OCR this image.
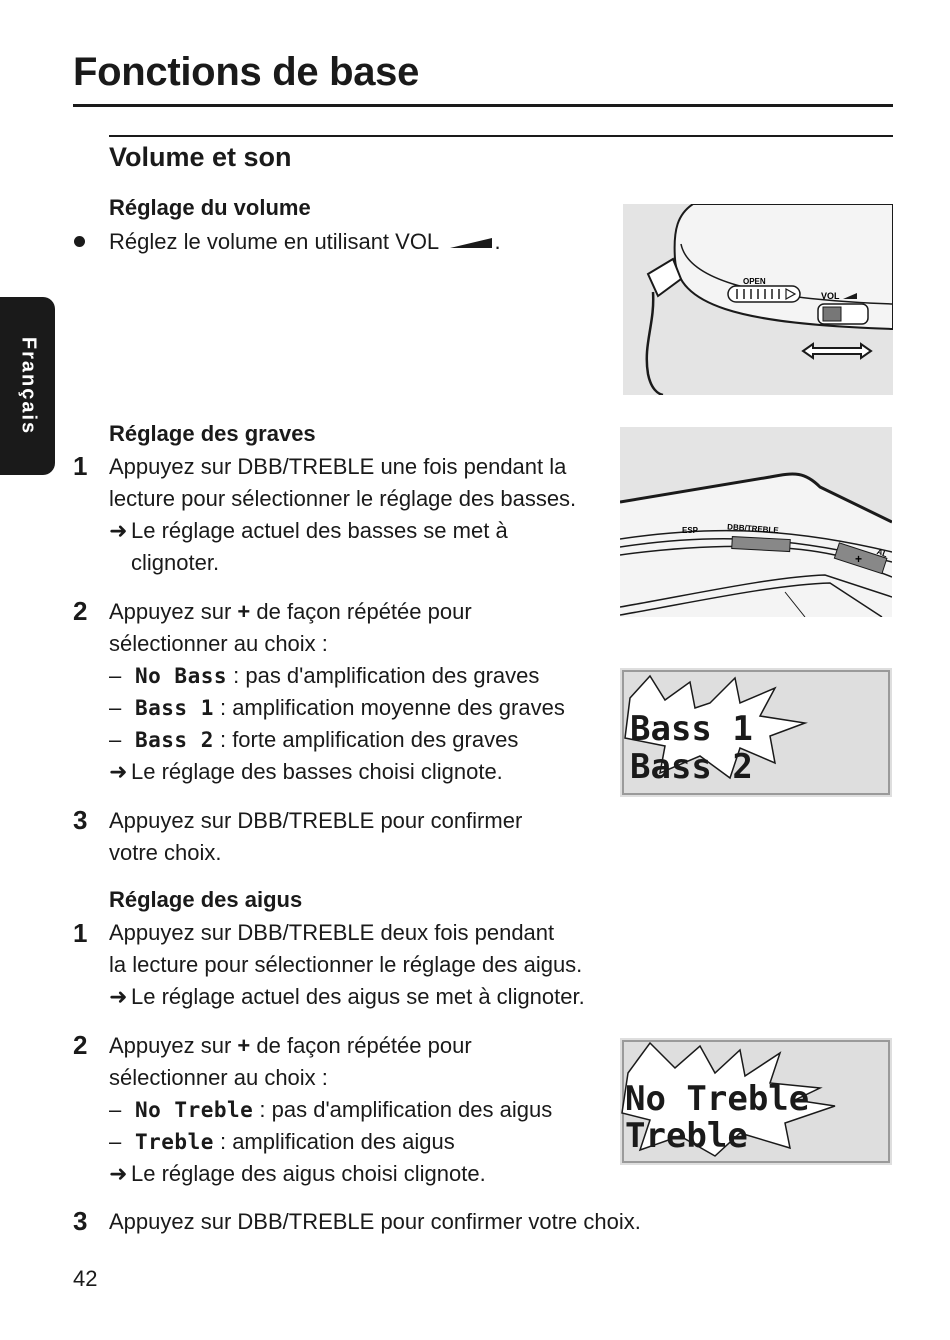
Fonctions de base
Volume et son
Français
Réglage du volume

Réglez le volume en utilisant VOL	.

OPEN
VOL
Réglage des graves
1 Appuyez sur DBB/TREBLE une fois pendant la
lecture pour sélectionner le réglage des basses.
➜ Le réglage actuel des basses se met à
clignoter.

2 Appuyez sur + de façon répétée pour
sélectionner au choix :
– No Bass : pas d'amplification des graves
– Bass 1 : amplification moyenne des graves
– Bass 2 : forte amplification des graves
➜ Le réglage des basses choisi clignote.

3 Appuyez sur DBB/TREBLE pour confirmer
votre choix.

ESP	DBB/TREBLE
+ AL
Bass 1
Bass 2
Réglage des aigus
1 Appuyez sur DBB/TREBLE deux fois pendant
la lecture pour sélectionner le réglage des aigus.
➜ Le réglage actuel des aigus se met à clignoter.

2 Appuyez sur + de façon répétée pour
sélectionner au choix :
– No Treble : pas d'amplification des aigus
– Treble : amplification des aigus
➜ Le réglage des aigus choisi clignote.

3 Appuyez sur DBB/TREBLE pour confirmer votre choix.

No Treble
Treble
42
